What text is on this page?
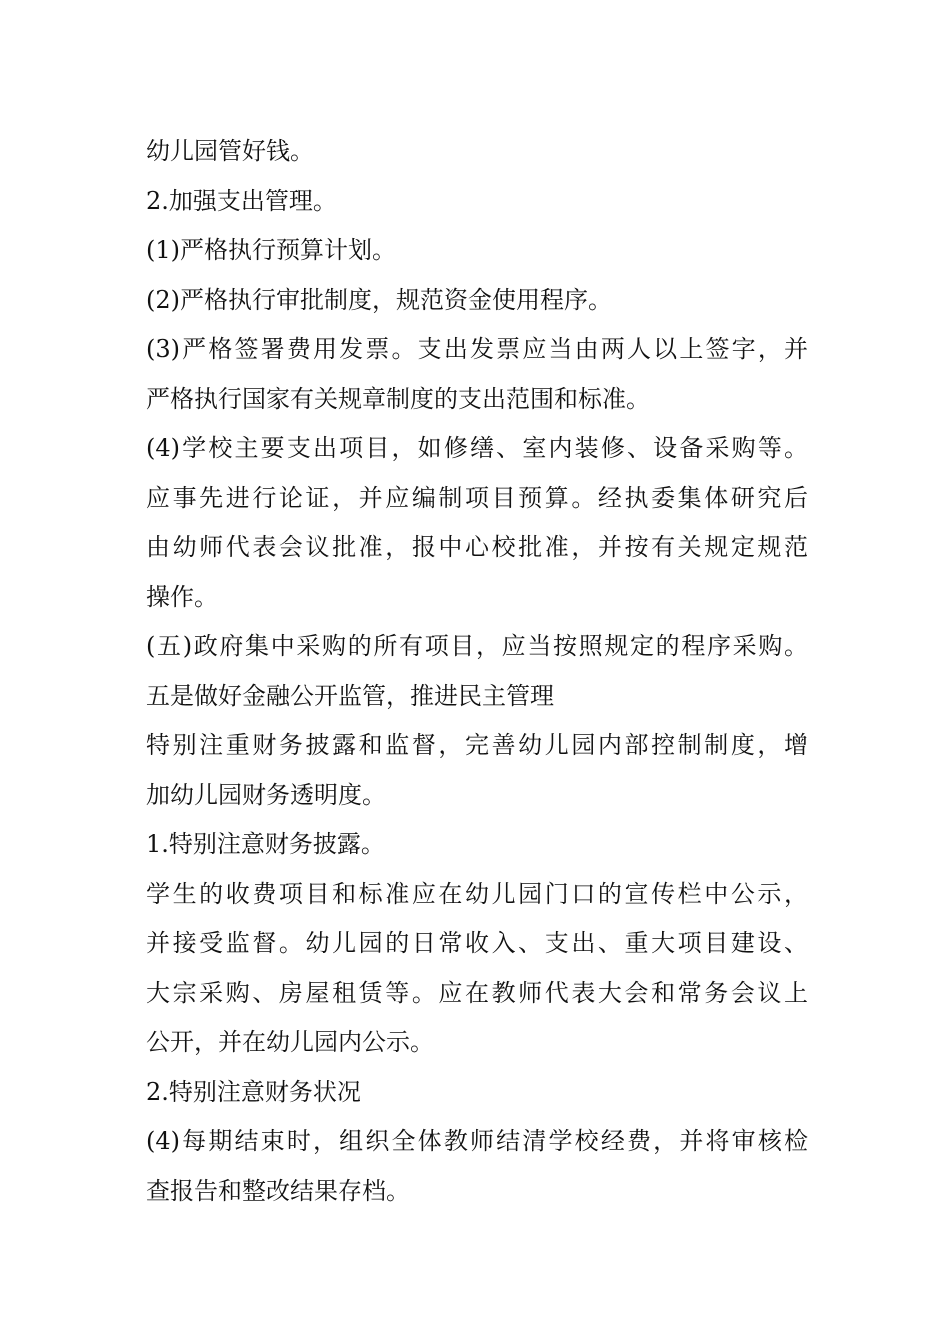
幼儿园管好钱。
2.加强支出管理。
(1)严格执行预算计划。
(2)严格执行审批制度，规范资金使用程序。
(3)严格签署费用发票。支出发票应当由两人以上签字，并
严格执行国家有关规章制度的支出范围和标准。
(4)学校主要支出项目，如修缮、室内装修、设备采购等。
应事先进行论证，并应编制项目预算。经执委集体研究后
由幼师代表会议批准，报中心校批准，并按有关规定规范
操作。
(五)政府集中采购的所有项目，应当按照规定的程序采购。
五是做好金融公开监管，推进民主管理
特别注重财务披露和监督，完善幼儿园内部控制制度，增
加幼儿园财务透明度。
1.特别注意财务披露。
学生的收费项目和标准应在幼儿园门口的宣传栏中公示，
并接受监督。幼儿园的日常收入、支出、重大项目建设、
大宗采购、房屋租赁等。应在教师代表大会和常务会议上
公开，并在幼儿园内公示。
2.特别注意财务状况
(4)每期结束时，组织全体教师结清学校经费，并将审核检
查报告和整改结果存档。
